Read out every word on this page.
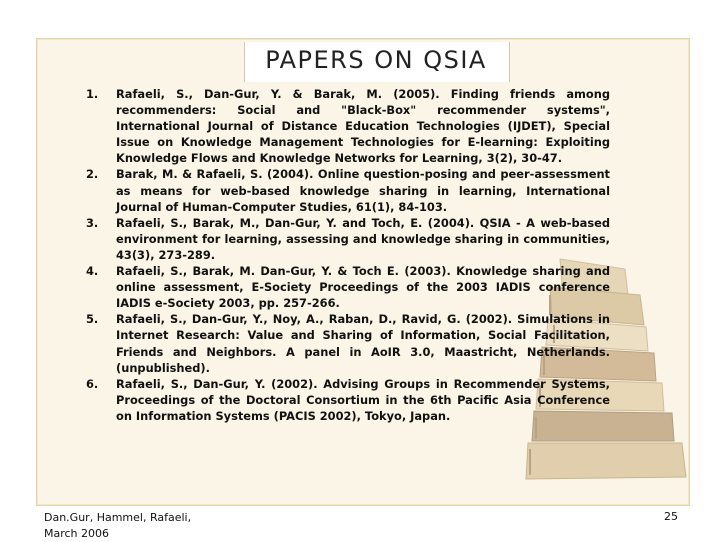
PAPERS ON QSIA
1.	Rafaeli, S., Dan-Gur, Y. & Barak, M. (2005). Finding friends among recommenders: Social and "Black-Box" recommender systems", International Journal of Distance Education Technologies (IJDET), Special Issue on Knowledge Management Technologies for E-learning: Exploiting Knowledge Flows and Knowledge Networks for Learning, 3(2), 30-47.
2.	Barak, M. & Rafaeli, S. (2004). Online question-posing and peer-assessment as means for web-based knowledge sharing in learning, International Journal of Human-Computer Studies, 61(1), 84-103.
3.	Rafaeli, S., Barak, M., Dan-Gur, Y. and Toch, E. (2004). QSIA - A web-based environment for learning, assessing and knowledge sharing in communities, 43(3), 273-289.
4.	Rafaeli, S., Barak, M. Dan-Gur, Y. & Toch E. (2003). Knowledge sharing and online assessment, E-Society Proceedings of the 2003 IADIS conference IADIS e-Society 2003, pp. 257-266.
5.	Rafaeli, S., Dan-Gur, Y., Noy, A., Raban, D., Ravid, G. (2002). Simulations in Internet Research: Value and Sharing of Information, Social Facilitation, Friends and Neighbors. A panel in AoIR 3.0, Maastricht, Netherlands.(unpublished).
6.	Rafaeli, S., Dan-Gur, Y. (2002). Advising Groups in Recommender Systems, Proceedings of the Doctoral Consortium in the 6th Pacific Asia Conference on Information Systems (PACIS 2002), Tokyo, Japan.
Dan.Gur, Hammel, Rafaeli,
March 2006
25
